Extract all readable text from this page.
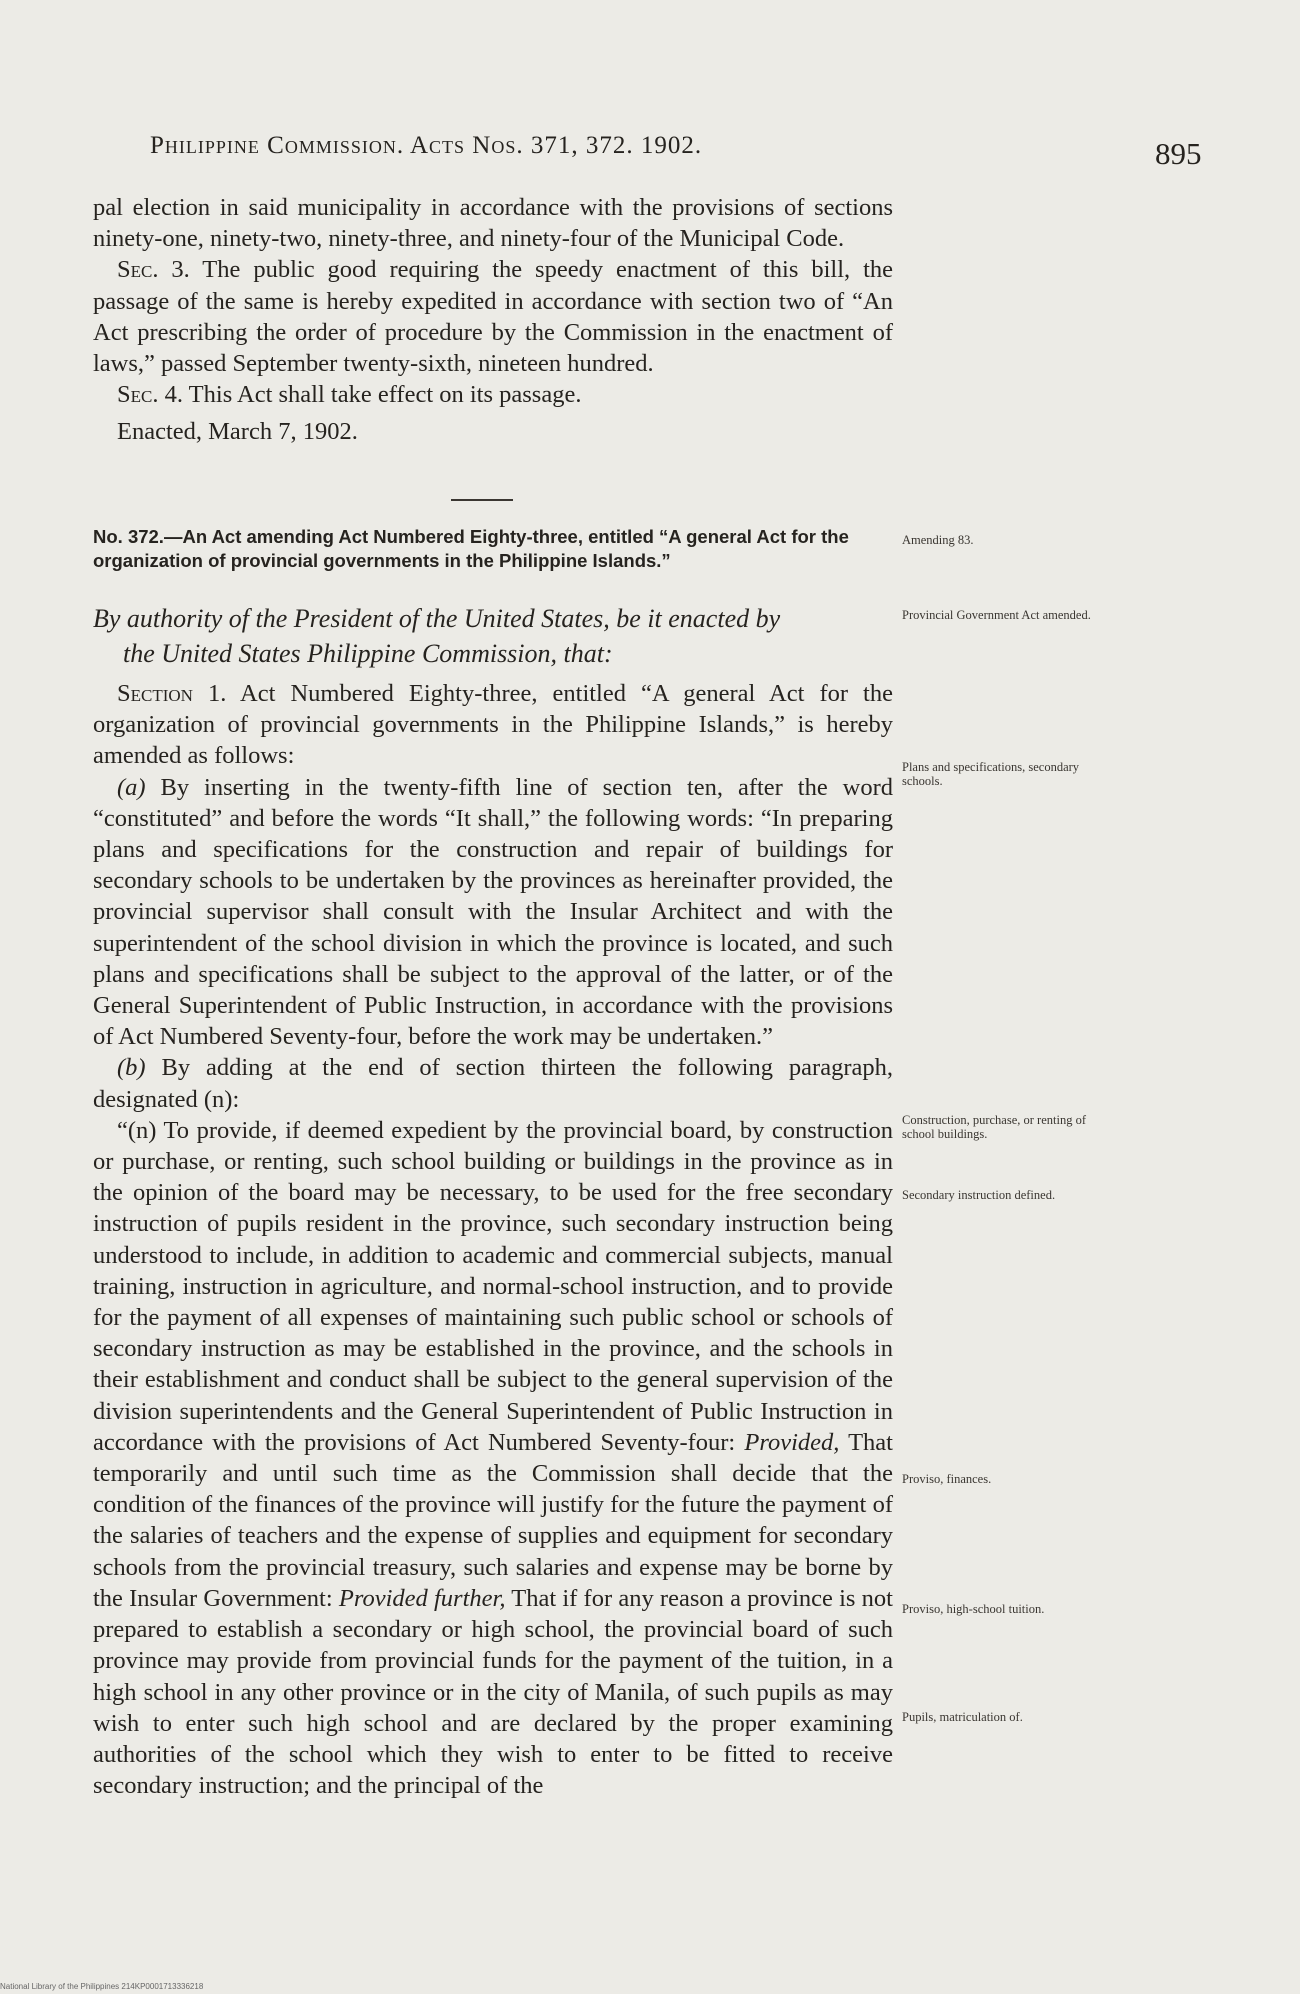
Philippine Commission. Acts Nos. 371, 372. 1902.	895

pal election in said municipality in accordance with the provisions of sections ninety-one, ninety-two, ninety-three, and ninety-four of the Municipal Code.

Sec. 3. The public good requiring the speedy enactment of this bill, the passage of the same is hereby expedited in accordance with section two of “An Act prescribing the order of procedure by the Commission in the enactment of laws,” passed September twenty-sixth, nineteen hundred.

Sec. 4. This Act shall take effect on its passage.

Enacted, March 7, 1902.

No. 372.—An Act amending Act Numbered Eighty-three, entitled “A general Act for the organization of provincial governments in the Philippine Islands.”
By authority of the President of the United States, be it enacted by
the United States Philippine Commission, that:

Section 1. Act Numbered Eighty-three, entitled “A general Act for the organization of provincial governments in the Philippine Islands,” is hereby amended as follows:

(a) By inserting in the twenty-fifth line of section ten, after the word “constituted” and before the words “It shall,” the following words: “In preparing plans and specifications for the construction and repair of buildings for secondary schools to be undertaken by the provinces as hereinafter provided, the provincial supervisor shall consult with the Insular Architect and with the superintendent of the school division in which the province is located, and such plans and specifications shall be subject to the approval of the latter, or of the General Superintendent of Public Instruction, in accordance with the provisions of Act Numbered Seventy-four, before the work may be undertaken.”

(b) By adding at the end of section thirteen the following paragraph, designated (n):

“(n) To provide, if deemed expedient by the provincial board, by construction or purchase, or renting, such school building or buildings in the province as in the opinion of the board may be necessary, to be used for the free secondary instruction of pupils resident in the province, such secondary instruction being understood to include, in addition to academic and commercial subjects, manual training, instruction in agriculture, and normal-school instruction, and to provide for the payment of all expenses of maintaining such public school or schools of secondary instruction as may be established in the province, and the schools in their establishment and conduct shall be subject to the general supervision of the division superintendents and the General Superintendent of Public Instruction in accordance with the provisions of Act Numbered Seventy-four: Provided, That temporarily and until such time as the Commission shall decide that the condition of the finances of the province will justify for the future the payment of the salaries of teachers and the expense of supplies and equipment for secondary schools from the provincial treasury, such salaries and expense may be borne by the Insular Government: Provided further, That if for any reason a province is not prepared to establish a secondary or high school, the provincial board of such province may provide from provincial funds for the payment of the tuition, in a high school in any other province or in the city of Manila, of such pupils as may wish to enter such high school and are declared by the proper examining authorities of the school which they wish to enter to be fitted to receive secondary instruction; and the principal of the

Amending 83.
Provincial Government Act amended.
Plans and specifications, secondary schools.
Construction, purchase, or renting of school buildings.
Secondary instruction defined.
Proviso, finances.
Proviso, high-school tuition.
Pupils, matriculation of.
National Library of the Philippines 214KP0001713336218
